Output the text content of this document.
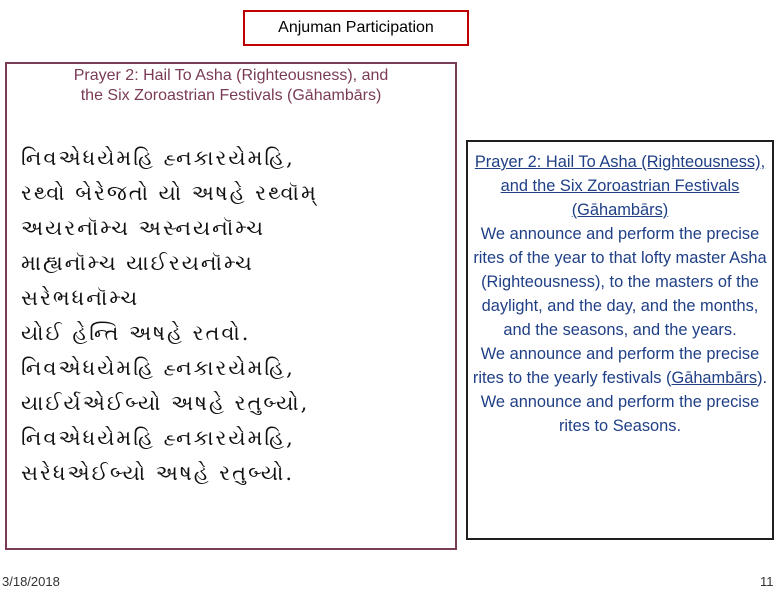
Anjuman Participation
Prayer 2: Hail To Asha (Righteousness), and
the Six Zoroastrian Festivals (Gāhambārs)
નિવએધયેમહિ હ્નકારયેમહિ,
રથ્વો બેરેજતો યો અષહે રથ્વૉમ્
અયરનૉમ્ચ અસ્નયનૉમ્ચ
માહ્યનૉમ્ચ યાઈરયનૉમ્ચ
સરેભધનૉમ્ચ
યોઈ હેન્તિ અષહે રતવો.
નિવએધયેમહિ હ્નકારયેમહિ,
યાઈર્યએઈબ્યો અષહે રતુબ્યો,
નિવએધયેમહિ હ્નકારયેમહિ,
સરેધએઈબ્યો અષહે રતુબ્યો.
Prayer 2: Hail To Asha (Righteousness), and the Six Zoroastrian Festivals (Gāhambārs)
We announce and perform the precise rites of the year to that lofty master Asha (Righteousness), to the masters of the daylight, and the day, and the months, and the seasons, and the years.
We announce and perform the precise rites to the yearly festivals (Gāhambārs).
We announce and perform the precise rites to Seasons.
3/18/2018	11
